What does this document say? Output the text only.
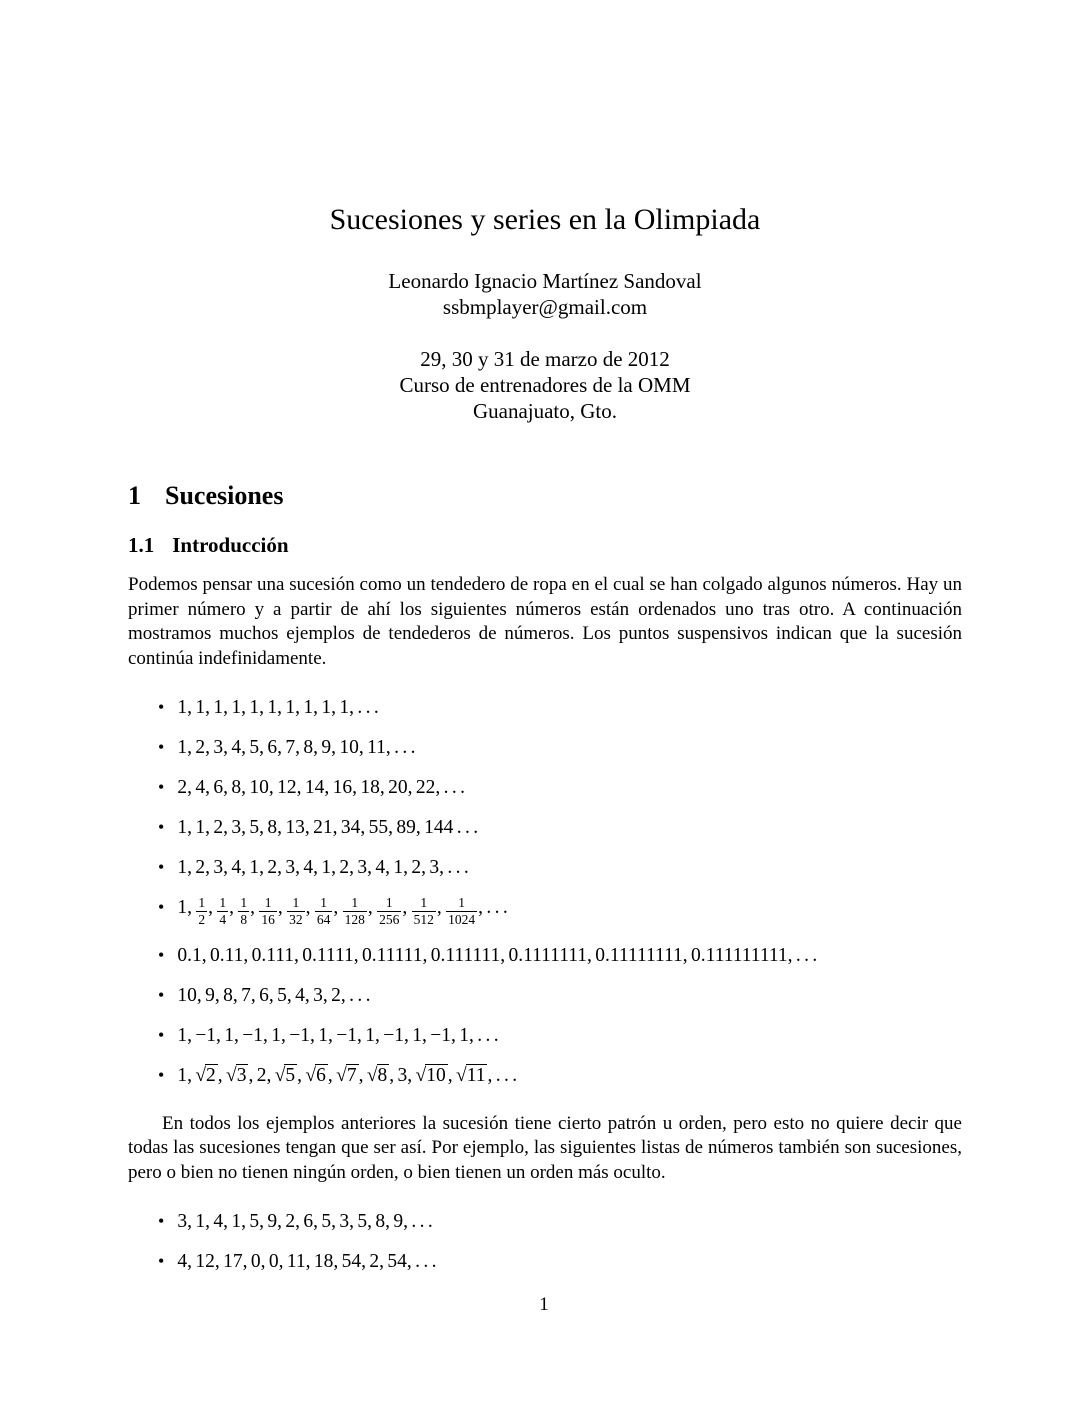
Sucesiones y series en la Olimpiada
Leonardo Ignacio Martínez Sandoval
ssbmplayer@gmail.com
29, 30 y 31 de marzo de 2012
Curso de entrenadores de la OMM
Guanajuato, Gto.
1 Sucesiones
1.1 Introducción

Podemos pensar una sucesión como un tendedero de ropa en el cual se han colgado algunos números. Hay un primer número y a partir de ahí los siguientes números están ordenados uno tras otro. A continuación mostramos muchos ejemplos de tendederos de números. Los puntos suspensivos indican que la sucesión continúa indefinidamente.

• 1, 1, 1, 1, 1, 1, 1, 1, 1, 1, . . .
• 1, 2, 3, 4, 5, 6, 7, 8, 9, 10, 11, . . .
• 2, 4, 6, 8, 10, 12, 14, 16, 18, 20, 22, . . .
• 1, 1, 2, 3, 5, 8, 13, 21, 34, 55, 89, 144 . . .
• 1, 2, 3, 4, 1, 2, 3, 4, 1, 2, 3, 4, 1, 2, 3, . . .
• 1, $\frac{1}{2}$ , $\frac{1}{4}$ , $\frac{1}{8}$ , $\frac{1}{16}$ , $\frac{1}{32}$ , $\frac{1}{64}$ , $\frac{1}{128}$ , $\frac{1}{256}$ , $\frac{1}{512}$ , $\frac{1}{1024}$ , . . .
• 0.1, 0.11, 0.111, 0.1111, 0.11111, 0.111111, 0.1111111, 0.11111111, 0.111111111, . . .
• 10, 9, 8, 7, 6, 5, 4, 3, 2, . . .
• 1, −1, 1, −1, 1, −1, 1, −1, 1, −1, 1, −1, 1, . . .
• 1, √2 , √3 , 2, √5 , √6 , √7 , √8 , 3, √10 , √11 , . . .

En todos los ejemplos anteriores la sucesión tiene cierto patrón u orden, pero esto no quiere decir que todas las sucesiones tengan que ser así. Por ejemplo, las siguientes listas de números también son sucesiones, pero o bien no tienen ningún orden, o bien tienen un orden más oculto.

• 3, 1, 4, 1, 5, 9, 2, 6, 5, 3, 5, 8, 9, . . .
• 4, 12, 17, 0, 0, 11, 18, 54, 2, 54, . . .
1
